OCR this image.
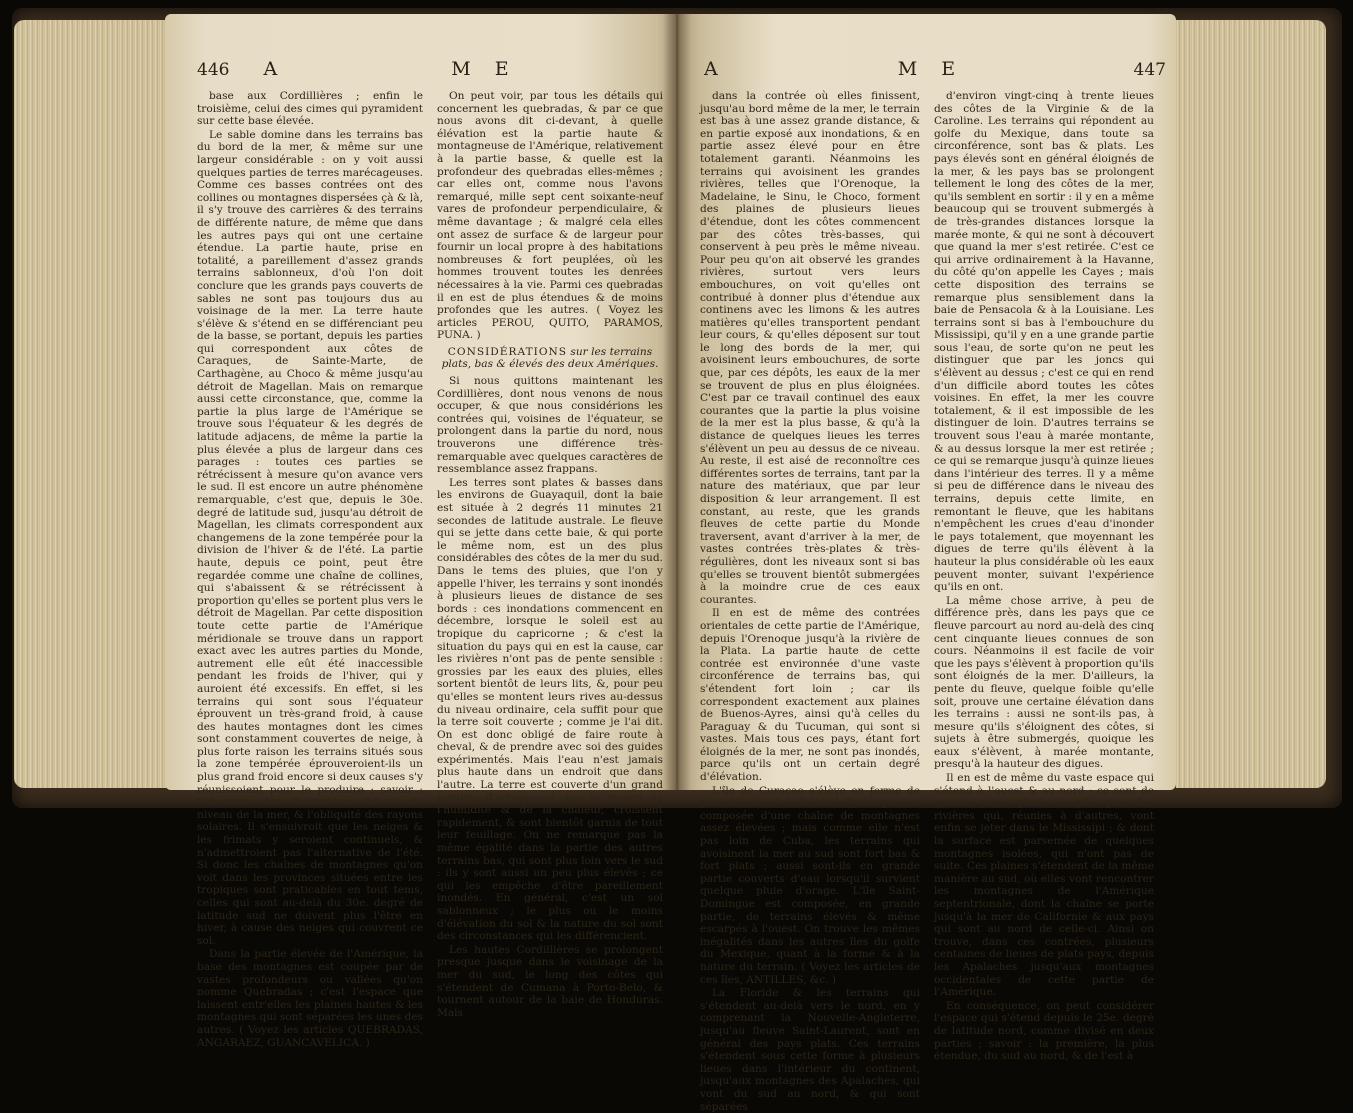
446 A	M
E

base aux Cordillières ; enfin le troisième, celui des cimes qui pyramident sur cette base élevée.

Le sable domine dans les terrains bas du bord de la mer, & même sur une largeur considérable : on y voit aussi quelques parties de terres marécageuses. Comme ces basses contrées ont des collines ou montagnes dispersées çà & là, il s'y trouve des carrières & des terrains de différente nature, de même que dans les autres pays qui ont une certaine étendue. La partie haute, prise en totalité, a pareillement d'assez grands terrains sablonneux, d'où l'on doit conclure que les grands pays couverts de sables ne sont pas toujours dus au voisinage de la mer. La terre haute s'élève & s'étend en se différenciant peu de la basse, se portant, depuis les parties qui correspondent aux côtes de Caraques, de Sainte-Marte, de Carthagène, au Choco & même jusqu'au détroit de Magellan. Mais on remarque aussi cette circonstance, que, comme la partie la plus large de l'Amérique se trouve sous l'équateur & les degrés de latitude adjacens, de même la partie la plus élevée a plus de largeur dans ces parages : toutes ces parties se rétrécissent à mesure qu'on avance vers le sud. Il est encore un autre phénomène remarquable, c'est que, depuis le 30e. degré de latitude sud, jusqu'au détroit de Magellan, les climats correspondent aux changemens de la zone tempérée pour la division de l'hiver & de l'été. La partie haute, depuis ce point, peut être regardée comme une chaîne de collines, qui s'abaissent & se rétrécissent à proportion qu'elles se portent plus vers le détroit de Magellan. Par cette disposition toute cette partie de l'Amérique méridionale se trouve dans un rapport exact avec les autres parties du Monde, autrement elle eût été inaccessible pendant les froids de l'hiver, qui y auroient été excessifs. En effet, si les terrains qui sont sous l'équateur éprouvent un très-grand froid, à cause des hautes montagnes dont les cimes sont constamment couvertes de neige, à plus forte raison les terrains situés sous la zone tempérée éprouveroient-ils un plus grand froid encore si deux causes s'y réunissoient pour le produire ; savoir : l'élévation des masses au dessus du niveau de la mer, & l'obliquité des rayons solaires. Il s'ensuivroit que les neiges & les frimats y seroient continuels, & n'admettroient pas l'alternative de l'été. Si donc les chaînes de montagnes qu'on voit dans les provinces situées entre les tropiques sont praticables en tout tems, celles qui sont au-delà du 30e. degré de latitude sud ne doivent plus l'être en hiver, à cause des neiges qui couvrent ce sol.

Dans la partie élevée de l'Amérique, la base des montagnes est coupée par de vastes profondeurs ou vallées qu'on nomme Quebradas ; c'est l'espace que laissent entr'elles les plaines hautes & les montagnes qui sont séparées les unes des autres. ( Voyez les articles QUEBRADAS, ANGARAEZ, GUANCAVELICA. )

On peut voir, par tous les détails qui concernent les quebradas, & par ce que nous avons dit ci-devant, à quelle élévation est la partie haute & montagneuse de l'Amérique, relativement à la partie basse, & quelle est la profondeur des quebradas elles-mêmes ; car elles ont, comme nous l'avons remarqué, mille sept cent soixante-neuf vares de profondeur perpendiculaire, & même davantage ; & malgré cela elles ont assez de surface & de largeur pour fournir un local propre à des habitations nombreuses & fort peuplées, où les hommes trouvent toutes les denrées nécessaires à la vie. Parmi ces quebradas il en est de plus étendues & de moins profondes que les autres. ( Voyez les articles PEROU, QUITO, PARAMOS, PUNA. )

CONSIDÉRATIONS sur les terrains plats, bas & élevés des deux Amériques.

Si nous quittons maintenant les Cordillières, dont nous venons de nous occuper, & que nous considérions les contrées qui, voisines de l'équateur, se prolongent dans la partie du nord, nous trouverons une différence très-remarquable avec quelques caractères de ressemblance assez frappans.

Les terres sont plates & basses dans les environs de Guayaquil, dont la baie est située à 2 degrés 11 minutes 21 secondes de latitude australe. Le fleuve qui se jette dans cette baie, & qui porte le même nom, est un des plus considérables des côtes de la mer du sud. Dans le tems des pluies, que l'on y appelle l'hiver, les terrains y sont inondés à plusieurs lieues de distance de ses bords : ces inondations commencent en décembre, lorsque le soleil est au tropique du capricorne ; & c'est la situation du pays qui en est la cause, car les rivières n'ont pas de pente sensible : grossies par les eaux des pluies, elles sortent bientôt de leurs lits, &, pour peu qu'elles se montent leurs rives au-dessus du niveau ordinaire, cela suffit pour que la terre soit couverte ; comme je l'ai dit. On est donc obligé de faire route à cheval, & de prendre avec soi des guides expérimentés. Mais l'eau n'est jamais plus haute dans un endroit que dans l'autre. La terre est couverte d'un grand nombre d'arbres qui, par le moyen de l'humidité & de la chaleur, croissent rapidement, & sont bientôt garnis de tout leur feuillage. On ne remarque pas la même égalité dans la partie des autres terrains bas, qui sont plus loin vers le sud : ils y sont aussi un peu plus élevés ; ce qui les empêche d'être pareillement inondés. En général, c'est un sol sablonneux ; le plus ou le moins d'élévation du sol & la nature du sol sont des circonstances qui les différencient.

Les hautes Cordillières se prolongent presque jusque dans le voisinage de la mer du sud, le long des côtes qui s'étendent de Cumana à Porto-Belo, & tournent autour de la baie de Honduras. Mais

A	M
E	447

dans la contrée où elles finissent, jusqu'au bord même de la mer, le terrain est bas à une assez grande distance, & en partie exposé aux inondations, & en partie assez élevé pour en être totalement garanti. Néanmoins les terrains qui avoisinent les grandes rivières, telles que l'Orenoque, la Madelaine, le Sinu, le Choco, forment des plaines de plusieurs lieues d'étendue, dont les côtes commencent par des côtes très-basses, qui conservent à peu près le même niveau. Pour peu qu'on ait observé les grandes rivières, surtout vers leurs embouchures, on voit qu'elles ont contribué à donner plus d'étendue aux continens avec les limons & les autres matières qu'elles transportent pendant leur cours, & qu'elles déposent sur tout le long des bords de la mer, qui avoisinent leurs embouchures, de sorte que, par ces dépôts, les eaux de la mer se trouvent de plus en plus éloignées. C'est par ce travail continuel des eaux courantes que la partie la plus voisine de la mer est la plus basse, & qu'à la distance de quelques lieues les terres s'élèvent un peu au dessus de ce niveau. Au reste, il est aisé de reconnoître ces différentes sortes de terrains, tant par la nature des matériaux, que par leur disposition & leur arrangement. Il est constant, au reste, que les grands fleuves de cette partie du Monde traversent, avant d'arriver à la mer, de vastes contrées très-plates & très-régulières, dont les niveaux sont si bas qu'elles se trouvent bientôt submergées à la moindre crue de ces eaux courantes.

Il en est de même des contrées orientales de cette partie de l'Amérique, depuis l'Orenoque jusqu'à la rivière de la Plata. La partie haute de cette contrée est environnée d'une vaste circonférence de terrains bas, qui s'étendent fort loin ; car ils correspondent exactement aux plaines de Buenos-Ayres, ainsi qu'à celles du Paraguay & du Tucuman, qui sont si vastes. Mais tous ces pays, étant fort éloignés de la mer, ne sont pas inondés, parce qu'ils ont un certain degré d'élévation.

L'île de Curaçao s'élève en forme de pain de sucre : celle de la Jamaïque est composée d'une chaîne de montagnes assez élevées ; mais comme elle n'est pas loin de Cuba, les terrains qui avoisinent la mer au sud sont fort bas & fort plats ; aussi sont-ils en grande partie couverts d'eau lorsqu'il survient quelque pluie d'orage. L'île Saint-Domingue est composée, en grande partie, de terrains élevés & même escarpés à l'ouest. On trouve les mêmes inégalités dans les autres îles du golfe du Mexique, quant à la forme & à la nature du terrain. ( Voyez les articles de ces îles, ANTILLES, &c. )

La Floride & les terrains qui s'étendent au-delà vers le nord, en y comprenant la Nouvelle-Angleterre, jusqu'au fleuve Saint-Laurent, sont en général des pays plats. Ces terrains s'étendent sous cette forme à plusieurs lieues dans l'intérieur du continent, jusqu'aux montagnes des Apalaches, qui vont du sud au nord, & qui sont séparées

d'environ vingt-cinq à trente lieues des côtes de la Virginie & de la Caroline. Les terrains qui répondent au golfe du Mexique, dans toute sa circonférence, sont bas & plats. Les pays élevés sont en général éloignés de la mer, & les pays bas se prolongent tellement le long des côtes de la mer, qu'ils semblent en sortir : il y en a même beaucoup qui se trouvent submergés à de très-grandes distances lorsque la marée monte, & qui ne sont à découvert que quand la mer s'est retirée. C'est ce qui arrive ordinairement à la Havanne, du côté qu'on appelle les Cayes ; mais cette disposition des terrains se remarque plus sensiblement dans la baie de Pensacola & à la Louisiane. Les terrains sont si bas à l'embouchure du Mississipi, qu'il y en a une grande partie sous l'eau, de sorte qu'on ne peut les distinguer que par les joncs qui s'élèvent au dessus ; c'est ce qui en rend d'un difficile abord toutes les côtes voisines. En effet, la mer les couvre totalement, & il est impossible de les distinguer de loin. D'autres terrains se trouvent sous l'eau à marée montante, & au dessus lorsque la mer est retirée ; ce qui se remarque jusqu'à quinze lieues dans l'intérieur des terres. Il y a même si peu de différence dans le niveau des terrains, depuis cette limite, en remontant le fleuve, que les habitans n'empêchent les crues d'eau d'inonder le pays totalement, que moyennant les digues de terre qu'ils élèvent à la hauteur la plus considérable où les eaux peuvent monter, suivant l'expérience qu'ils en ont.

La même chose arrive, à peu de différence près, dans les pays que ce fleuve parcourt au nord au-delà des cinq cent cinquante lieues connues de son cours. Néanmoins il est facile de voir que les pays s'élèvent à proportion qu'ils sont éloignés de la mer. D'ailleurs, la pente du fleuve, quelque foible qu'elle soit, prouve une certaine élévation dans les terrains : aussi ne sont-ils pas, à mesure qu'ils s'éloignent des côtes, si sujets à être submergés, quoique les eaux s'élèvent, à marée montante, presqu'à la hauteur des digues.

Il en est de même du vaste espace qui s'étend à l'ouest & au nord ; ce sont de grands pays plats, coupés par des rivières qui, réunies à d'autres, vont enfin se jeter dans le Mississipi ; & dont la surface est parsemée de quelques montagnes isolées, qui n'ont pas de suite. Ces plaines s'étendent de la même manière au sud, où elles vont rencontrer les montagnes de l'Amérique septentrionale, dont la chaîne se porte jusqu'à la mer de Californie & aux pays qui sont au nord de celle-ci. Ainsi on trouve, dans ces contrées, plusieurs centaines de lieues de plats pays, depuis les Apalaches jusqu'aux montagnes occidentales de cette partie de l'Amérique.

En conséquence, on peut considérer l'espace qui s'étend depuis le 25e. degré de latitude nord, comme divisé en deux parties ; savoir : la première, la plus étendue, du sud au nord, & de l'est à
